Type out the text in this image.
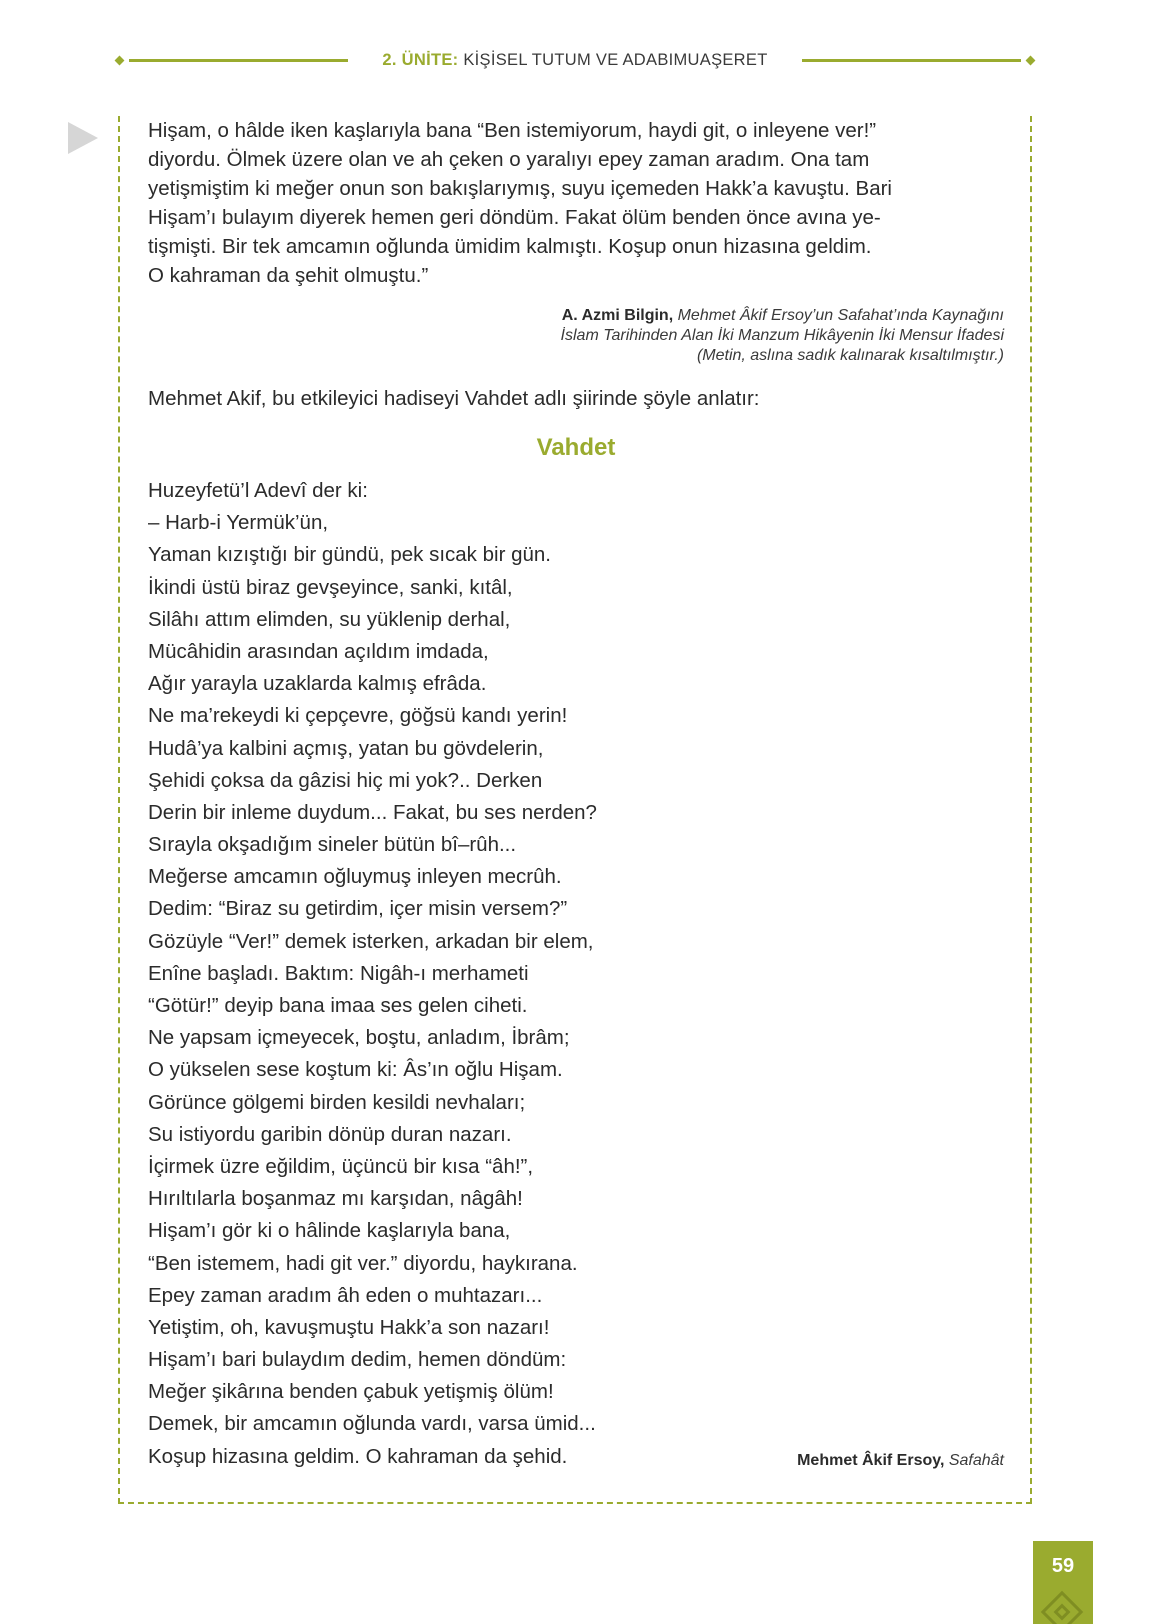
2. ÜNİTE: KİŞİSEL TUTUM VE ADABIMUAŞERET
Hişam, o hâlde iken kaşlarıyla bana “Ben istemiyorum, haydi git, o inleyene ver!”
diyordu. Ölmek üzere olan ve ah çeken o yaralıyı epey zaman aradım. Ona tam
yetişmiştim ki meğer onun son bakışlarıymış, suyu içemeden Hakk’a kavuştu. Bari
Hişam’ı bulayım diyerek hemen geri döndüm. Fakat ölüm benden önce avına ye-
tişmişti. Bir tek amcamın oğlunda ümidim kalmıştı. Koşup onun hizasına geldim.
O kahraman da şehit olmuştu.”
A. Azmi Bilgin, Mehmet Âkif Ersoy’un Safahat’ında Kaynağını
İslam Tarihinden Alan İki Manzum Hikâyenin İki Mensur İfadesi
(Metin, aslına sadık kalınarak kısaltılmıştır.)

Mehmet Akif, bu etkileyici hadiseyi Vahdet adlı şiirinde şöyle anlatır:

Vahdet
Huzeyfetü’l Adevî der ki:
– Harb-i Yermük’ün,
Yaman kızıştığı bir gündü, pek sıcak bir gün.
İkindi üstü biraz gevşeyince, sanki, kıtâl,
Silâhı attım elimden, su yüklenip derhal,
Mücâhidin arasından açıldım imdada,
Ağır yarayla uzaklarda kalmış efrâda.
Ne ma’rekeydi ki çepçevre, göğsü kandı yerin!
Hudâ’ya kalbini açmış, yatan bu gövdelerin,
Şehidi çoksa da gâzisi hiç mi yok?.. Derken
Derin bir inleme duydum... Fakat, bu ses nerden?
Sırayla okşadığım sineler bütün bî–rûh...
Meğerse amcamın oğluymuş inleyen mecrûh.
Dedim: “Biraz su getirdim, içer misin versem?”
Gözüyle “Ver!” demek isterken, arkadan bir elem,
Enîne başladı. Baktım: Nigâh-ı merhameti
“Götür!” deyip bana imaa ses gelen ciheti.
Ne yapsam içmeyecek, boştu, anladım, İbrâm;
O yükselen sese koştum ki: Âs’ın oğlu Hişam.
Görünce gölgemi birden kesildi nevhaları;
Su istiyordu garibin dönüp duran nazarı.
İçirmek üzre eğildim, üçüncü bir kısa “âh!”,
Hırıltılarla boşanmaz mı karşıdan, nâgâh!
Hişam’ı gör ki o hâlinde kaşlarıyla bana,
“Ben istemem, hadi git ver.” diyordu, haykırana.
Epey zaman aradım âh eden o muhtazarı...
Yetiştim, oh, kavuşmuştu Hakk’a son nazarı!
Hişam’ı bari bulaydım dedim, hemen döndüm:
Meğer şikârına benden çabuk yetişmiş ölüm!
Demek, bir amcamın oğlunda vardı, varsa ümid...
Koşup hizasına geldim. O kahraman da şehid.	Mehmet Âkif Ersoy, Safahât
59
